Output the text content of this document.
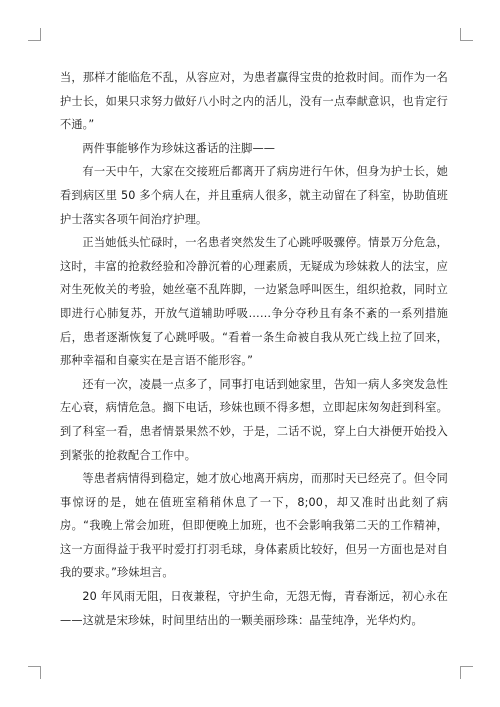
当，那样才能临危不乱，从容应对，为患者赢得宝贵的抢救时间。而作为一名护士长，如果只求努力做好八小时之内的活儿，没有一点奉献意识，也肯定行不通。”

两件事能够作为珍妹这番话的注脚——

有一天中午，大家在交接班后都离开了病房进行午休，但身为护士长，她看到病区里 50 多个病人在，并且重病人很多，就主动留在了科室，协助值班护士落实各项午间治疗护理。

正当她低头忙碌时，一名患者突然发生了心跳呼吸骤停。情景万分危急，这时，丰富的抢救经验和冷静沉着的心理素质，无疑成为珍妹救人的法宝，应对生死攸关的考验，她丝毫不乱阵脚，一边紧急呼叫医生，组织抢救，同时立即进行心肺复苏，开放气道辅助呼吸……争分夺秒且有条不紊的一系列措施后，患者逐渐恢复了心跳呼吸。“看着一条生命被自我从死亡线上拉了回来，那种幸福和自豪实在是言语不能形容。”

还有一次，凌晨一点多了，同事打电话到她家里，告知一病人多突发急性左心衰，病情危急。搁下电话，珍妹也顾不得多想，立即起床匆匆赶到科室。到了科室一看，患者情景果然不妙，于是，二话不说，穿上白大褂便开始投入到紧张的抢救配合工作中。

等患者病情得到稳定，她才放心地离开病房，而那时天已经亮了。但令同事惊讶的是，她在值班室稍稍休息了一下，8;00，却又准时出此刻了病房。“我晚上常会加班，但即便晚上加班，也不会影响我第二天的工作精神，这一方面得益于我平时爱打打羽毛球，身体素质比较好，但另一方面也是对自我的要求。”珍妹坦言。

20 年风雨无阻，日夜兼程，守护生命，无怨无悔，青春渐远，初心永在——这就是宋珍妹，时间里结出的一颗美丽珍珠：晶莹纯净，光华灼灼。
